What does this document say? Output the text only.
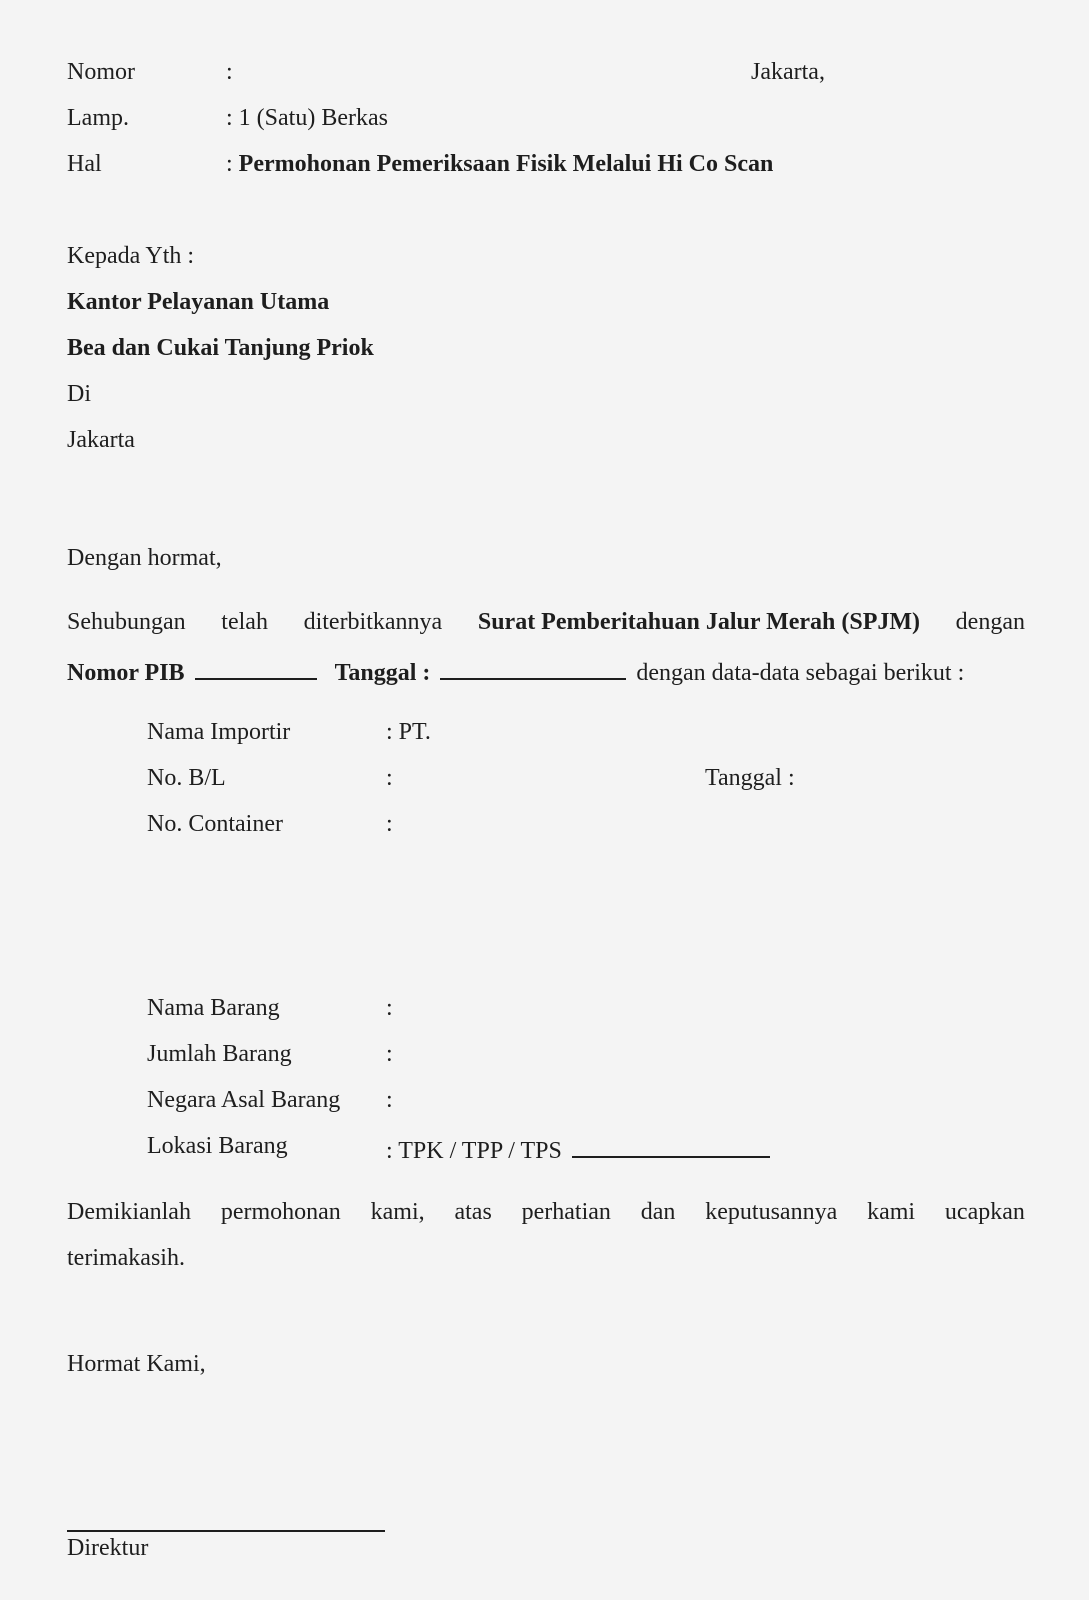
Nomor	:	Jakarta,
Lamp.	: 1 (Satu) Berkas
Hal	: Permohonan Pemeriksaan Fisik Melalui Hi Co Scan
Kepada Yth :
Kantor Pelayanan Utama
Bea dan Cukai Tanjung Priok
Di
Jakarta
Dengan hormat,
Sehubungan telah diterbitkannya Surat Pemberitahuan Jalur Merah (SPJM) dengan
Nomor PIB	Tanggal :	dengan data-data sebagai berikut :
Nama Importir	: PT.
No. B/L	:	Tanggal :
No. Container	:
Nama Barang	:
Jumlah Barang	:
Negara Asal Barang :
Lokasi Barang	: TPK / TPP / TPS
Demikianlah permohonan kami, atas perhatian dan keputusannya kami ucapkan
terimakasih.
Hormat Kami,
Direktur
